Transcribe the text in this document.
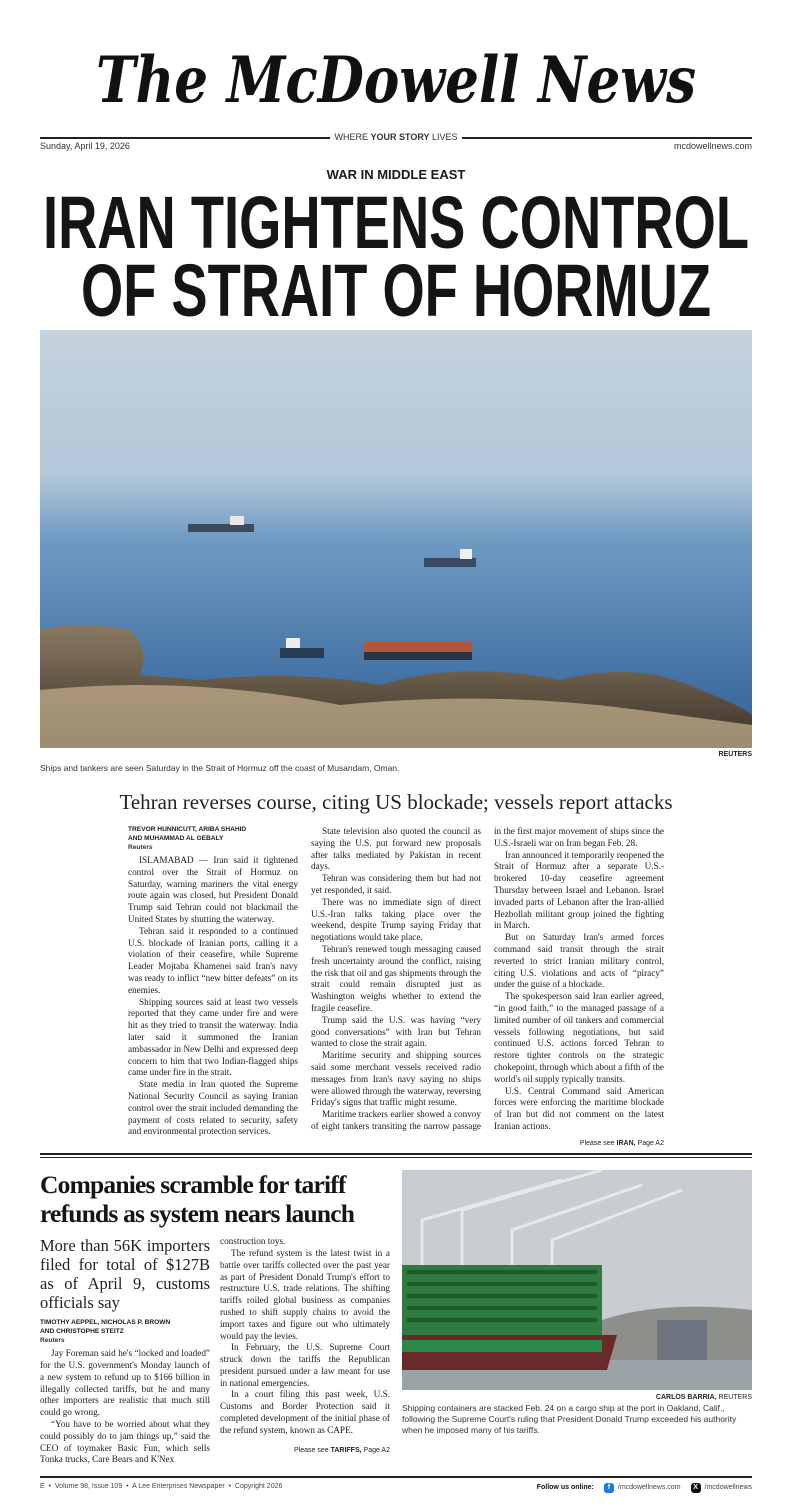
The McDowell News
WHERE YOUR STORY LIVES
Sunday, April 19, 2026	mcdowellnews.com
WAR IN MIDDLE EAST
IRAN TIGHTENS CONTROL
OF STRAIT OF HORMUZ
REUTERS
Ships and tankers are seen Saturday in the Strait of Hormuz off the coast of Musandam, Oman.
Tehran reverses course, citing US blockade; vessels report attacks
TREVOR HUNNICUTT, ARIBA SHAHID
AND MUHAMMAD AL GEBALY
Reuters

ISLAMABAD — Iran said it tightened control over the Strait of Hormuz on Saturday, warning mariners the vital energy route again was closed, but President Donald Trump said Tehran could not blackmail the United States by shutting the waterway.

Tehran said it responded to a continued U.S. blockade of Iranian ports, calling it a violation of their ceasefire, while Supreme Leader Mojtaba Khamenei said Iran's navy was ready to inflict “new bitter defeats” on its enemies.

Shipping sources said at least two vessels reported that they came under fire and were hit as they tried to transit the waterway. India later said it summoned the Iranian ambassador in New Delhi and expressed deep concern to him that two Indian-flagged ships came under fire in the strait.

State media in Iran quoted the Supreme National Security Council as saying Iranian control over the strait included demanding the payment of costs related to security, safety and environmental protection services.

State television also quoted the council as saying the U.S. put forward new proposals after talks mediated by Pakistan in recent days.

Tehran was considering them but had not yet responded, it said.

There was no immediate sign of direct U.S.-Iran talks taking place over the weekend, despite Trump saying Friday that negotiations would take place.

Tehran's renewed tough messaging caused fresh uncertainty around the conflict, raising the risk that oil and gas shipments through the strait could remain disrupted just as Washington weighs whether to extend the fragile ceasefire.

Trump said the U.S. was having “very good conversations” with Iran but Tehran wanted to close the strait again.

Maritime security and shipping sources said some merchant vessels received radio messages from Iran's navy saying no ships were allowed through the waterway, reversing Friday's signs that traffic might resume.

Maritime trackers earlier showed a convoy of eight tankers transiting the narrow passage in the first major movement of ships since the U.S.-Israeli war on Iran began Feb. 28.

Iran announced it temporarily reopened the Strait of Hormuz after a separate U.S.-brokered 10-day ceasefire agreement Thursday between Israel and Lebanon. Israel invaded parts of Lebanon after the Iran-allied Hezbollah militant group joined the fighting in March.

But on Saturday Iran's armed forces command said transit through the strait reverted to strict Iranian military control, citing U.S. violations and acts of “piracy” under the guise of a blockade.

The spokesperson said Iran earlier agreed, “in good faith,” to the managed passage of a limited number of oil tankers and commercial vessels following negotiations, but said continued U.S. actions forced Tehran to restore tighter controls on the strategic chokepoint, through which about a fifth of the world's oil supply typically transits.

U.S. Central Command said American forces were enforcing the maritime blockade of Iran but did not comment on the latest Iranian actions.

Please see IRAN, Page A2
Companies scramble for tariff refunds as system nears launch
More than 56K importers filed for total of $127B as of April 9, customs officials say
TIMOTHY AEPPEL, NICHOLAS P. BROWN
AND CHRISTOPHE STEITZ
Reuters

Jay Foreman said he's “locked and loaded” for the U.S. government's Monday launch of a new system to refund up to $166 billion in illegally collected tariffs, but he and many other importers are realistic that much still could go wrong.

“You have to be worried about what they could possibly do to jam things up,” said the CEO of toymaker Basic Fun, which sells Tonka trucks, Care Bears and K'Nex

construction toys.

The refund system is the latest twist in a battle over tariffs collected over the past year as part of President Donald Trump's effort to restructure U.S. trade relations. The shifting tariffs roiled global business as companies rushed to shift supply chains to avoid the import taxes and figure out who ultimately would pay the levies.

In February, the U.S. Supreme Court struck down the tariffs the Republican president pursued under a law meant for use in national emergencies.

In a court filing this past week, U.S. Customs and Border Protection said it completed development of the initial phase of the refund system, known as CAPE.

Please see TARIFFS, Page A2
CARLOS BARRIA, REUTERS
Shipping containers are stacked Feb. 24 on a cargo ship at the port in Oakland, Calif., following the Supreme Court's ruling that President Donald Trump exceeded his authority when he imposed many of his tariffs.
E  •  Volume 98, Issue 109  •  A Lee Enterprises Newspaper  •  Copyright 2026	Follow us online:	f	/mcdowellnews.com	X /mcdowellnews
